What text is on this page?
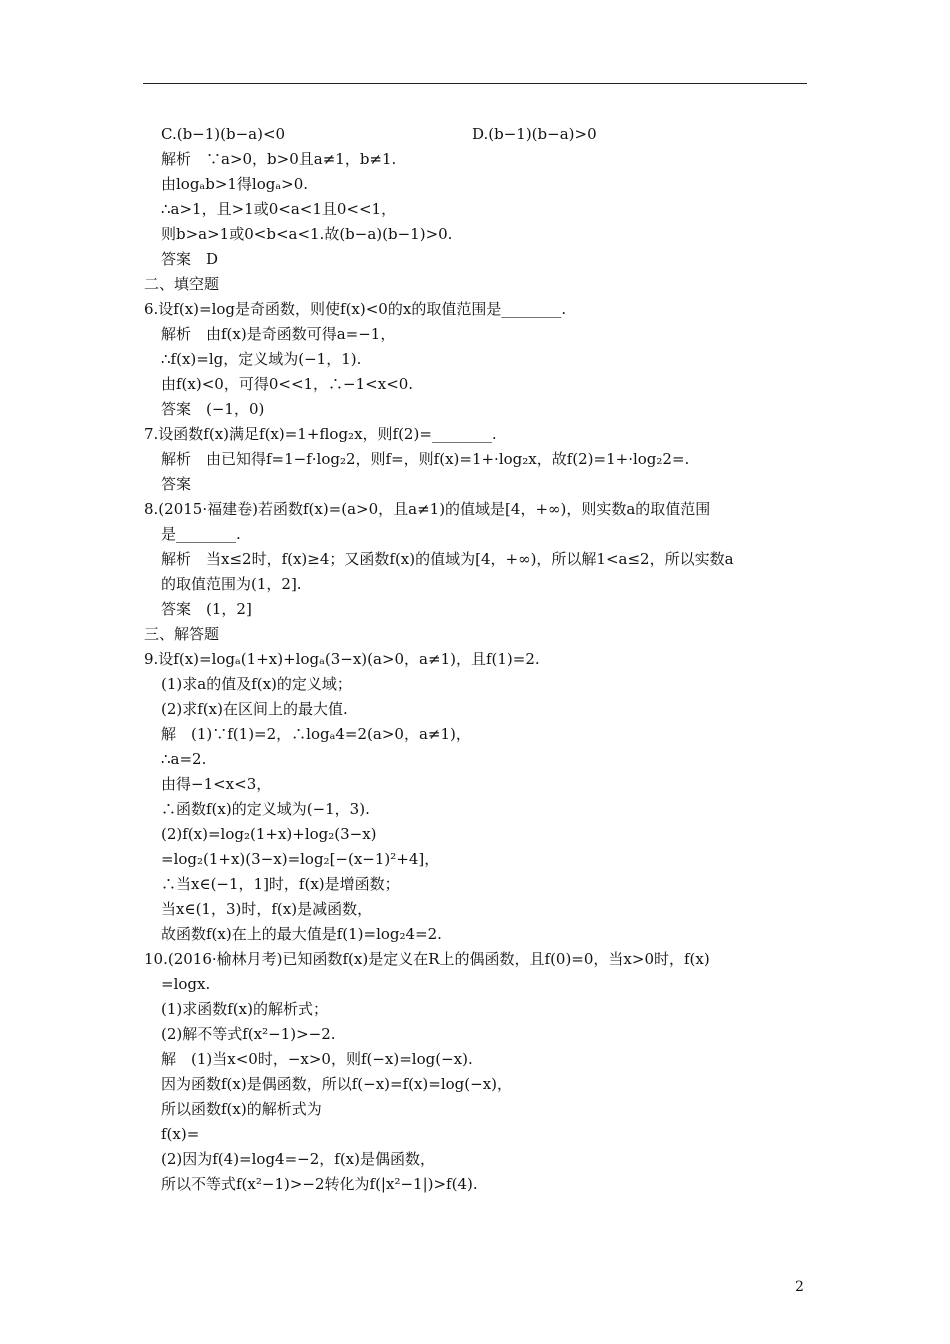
C.(b−1)(b−a)<0	D.(b−1)(b−a)>0
解析　∵a>0，b>0且a≠1，b≠1.
由logₐb>1得logₐ>0.
∴a>1，且>1或0<a<1且0<<1，
则b>a>1或0<b<a<1.故(b−a)(b−1)>0.
答案　D
二、填空题
6.设f(x)=log是奇函数，则使f(x)<0的x的取值范围是________.
解析　由f(x)是奇函数可得a=−1，
∴f(x)=lg，定义域为(−1，1).
由f(x)<0，可得0<<1，∴−1<x<0.
答案　(−1，0)
7.设函数f(x)满足f(x)=1+flog₂x，则f(2)=________.
解析　由已知得f=1−f·log₂2，则f=，则f(x)=1+·log₂x，故f(2)=1+·log₂2=.
答案
8.(2015·福建卷)若函数f(x)=(a>0，且a≠1)的值域是[4，+∞)，则实数a的取值范围
是________.
解析　当x≤2时，f(x)≥4；又函数f(x)的值域为[4，+∞)，所以解1<a≤2，所以实数a
的取值范围为(1，2].
答案　(1，2]
三、解答题
9.设f(x)=logₐ(1+x)+logₐ(3−x)(a>0，a≠1)，且f(1)=2.
(1)求a的值及f(x)的定义域；
(2)求f(x)在区间上的最大值.
解　(1)∵f(1)=2，∴logₐ4=2(a>0，a≠1)，
∴a=2.
由得−1<x<3，
∴函数f(x)的定义域为(−1，3).
(2)f(x)=log₂(1+x)+log₂(3−x)
=log₂(1+x)(3−x)=log₂[−(x−1)²+4]，
∴当x∈(−1，1]时，f(x)是增函数；
当x∈(1，3)时，f(x)是减函数，
故函数f(x)在上的最大值是f(1)=log₂4=2.
10.(2016·榆林月考)已知函数f(x)是定义在R上的偶函数，且f(0)=0，当x>0时，f(x)
=logx.
(1)求函数f(x)的解析式；
(2)解不等式f(x²−1)>−2.
解　(1)当x<0时，−x>0，则f(−x)=log(−x).
因为函数f(x)是偶函数，所以f(−x)=f(x)=log(−x)，
所以函数f(x)的解析式为
f(x)=
(2)因为f(4)=log4=−2，f(x)是偶函数，
所以不等式f(x²−1)>−2转化为f(|x²−1|)>f(4).
2
